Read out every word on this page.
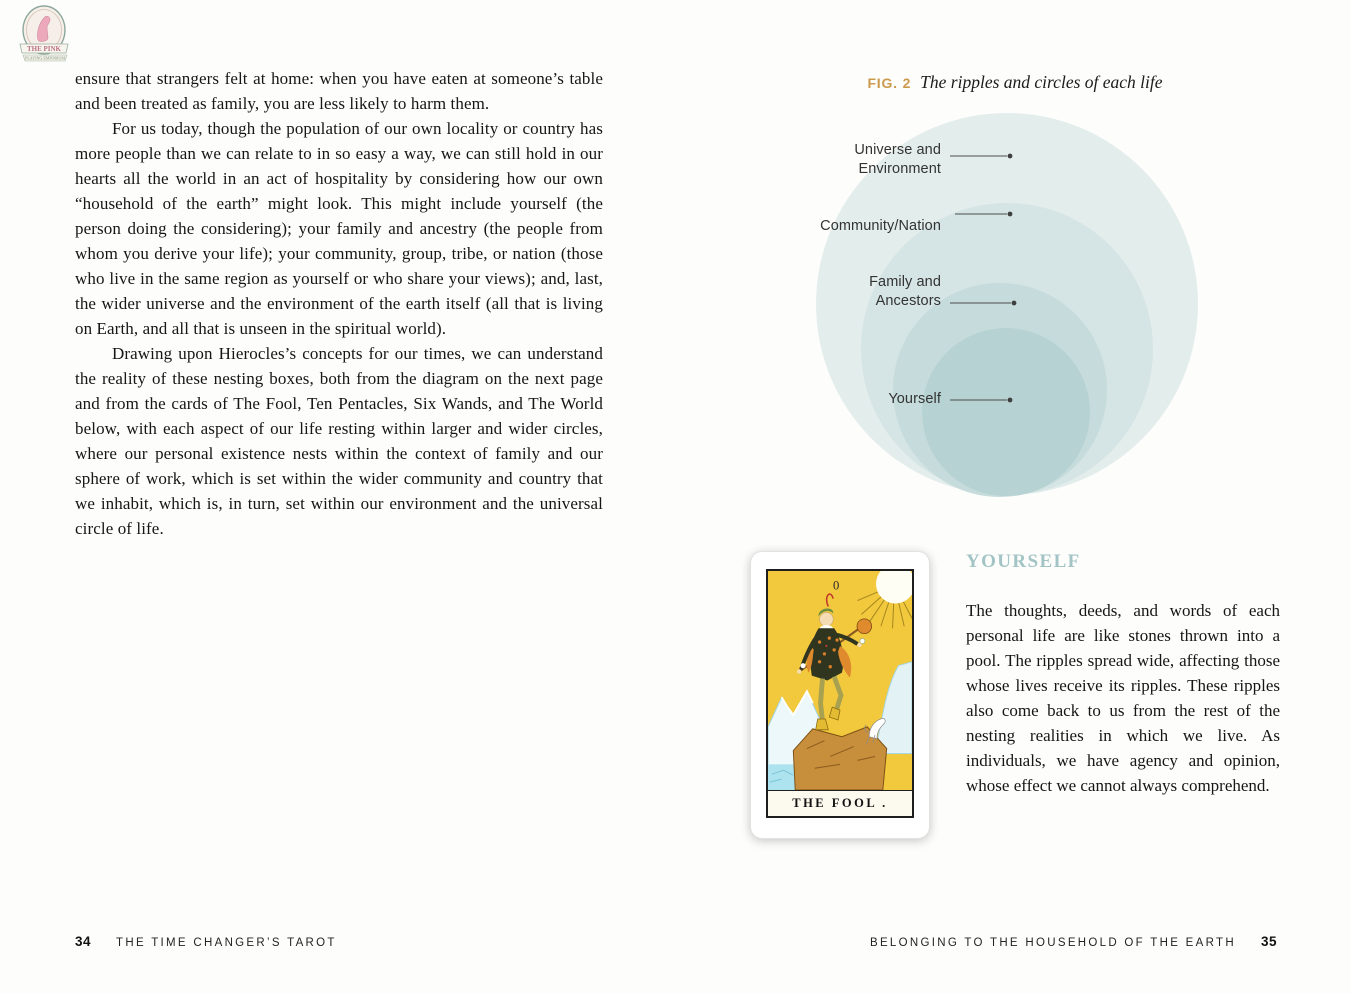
THE PINK
PLAYING EMPORIUM

ensure that strangers felt at home: when you have eaten at someone’s table and been treated as family, you are less likely to harm them.

For us today, though the population of our own locality or country has more people than we can relate to in so easy a way, we can still hold in our hearts all the world in an act of hospitality by considering how our own “household of the earth” might look. This might include yourself (the person doing the considering); your family and ancestry (the people from whom you derive your life); your community, group, tribe, or nation (those who live in the same region as yourself or who share your views); and, last, the wider universe and the environment of the earth itself (all that is living on Earth, and all that is unseen in the spiritual world).

Drawing upon Hierocles’s concepts for our times, we can understand the reality of these nesting boxes, both from the diagram on the next page and from the cards of The Fool, Ten Pentacles, Six Wands, and The World below, with each aspect of our life resting within larger and wider circles, where our personal existence nests within the context of family and our sphere of work, which is set within the wider community and country that we inhabit, which is, in turn, set within our environment and the universal circle of life.

FIG. 2 The ripples and circles of each life
Universe and
Environment
Community/Nation
Family and
Ancestors
Yourself
0
THE FOOL .
YOURSELF

The thoughts, deeds, and words of each personal life are like stones thrown into a pool. The ripples spread wide, affecting those whose lives receive its ripples. These ripples also come back to us from the rest of the nesting realities in which we live. As individuals, we have agency and opinion, whose effect we cannot always comprehend.

34 THE TIME CHANGER’S TAROT	BELONGING TO THE HOUSEHOLD OF THE EARTH 35
